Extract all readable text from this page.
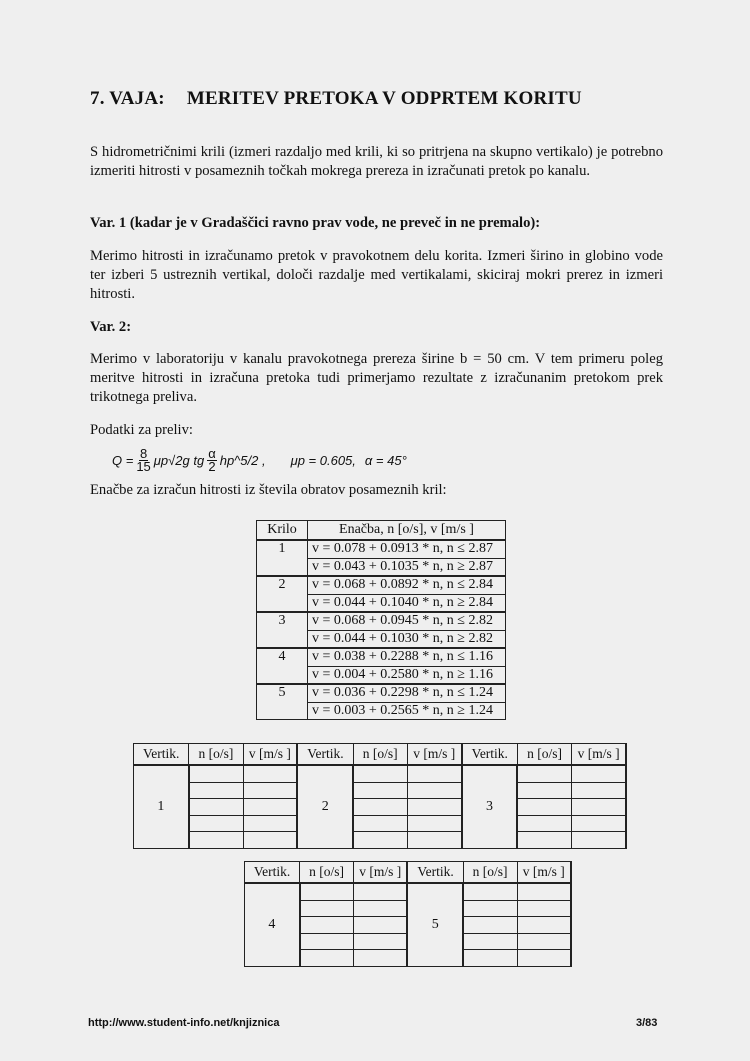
7. VAJA: MERITEV PRETOKA V ODPRTEM KORITU

S hidrometričnimi krili (izmeri razdaljo med krili, ki so pritrjena na skupno vertikalo) je potrebno izmeriti hitrosti v posameznih točkah mokrega prereza in izračunati pretok po kanalu.

Var. 1 (kadar je v Gradaščici ravno prav vode, ne preveč in ne premalo):

Merimo hitrosti in izračunamo pretok v pravokotnem delu korita. Izmeri širino in globino vode ter izberi 5 ustreznih vertikal, določi razdalje med vertikalami, skiciraj mokri prerez in izmeri hitrosti.

Var. 2:

Merimo v laboratoriju v kanalu pravokotnega prereza širine b = 50 cm. V tem primeru poleg meritve hitrosti in izračuna pretoka tudi primerjamo rezultate z izračunanim pretokom prek trikotnega preliva.

Podatki za preliv:

$Q = \frac{8}{15} \mu p√2g$ tg $\frac{\alpha}{2}$ hp^5/2 , μp = 0.605, α = 45°

Enačbe za izračun hitrosti iz števila obratov posameznih kril:

Krilo	Enačba, n [o/s], v [m/s ]
1	v = 0.078 + 0.0913 * n, n ≤ 2.87
	v = 0.043 + 0.1035 * n, n ≥ 2.87
2	v = 0.068 + 0.0892 * n, n ≤ 2.84
	v = 0.044 + 0.1040 * n, n ≥ 2.84
3	v = 0.068 + 0.0945 * n, n ≤ 2.82
	v = 0.044 + 0.1030 * n, n ≥ 2.82
4	v = 0.038 + 0.2288 * n, n ≤ 1.16
	v = 0.004 + 0.2580 * n, n ≥ 1.16
5	v = 0.036 + 0.2298 * n, n ≤ 1.24
	v = 0.003 + 0.2565 * n, n ≥ 1.24
Vertik.	n [o/s]	v [m/s ]	Vertik.	n [o/s]	v [m/s ]	Vertik.	n [o/s]	v [m/s ]
1			2			3		

Vertik.	n [o/s]	v [m/s ]	Vertik.	n [o/s]	v [m/s ]
4			5		

http://www.student-info.net/knjiznica	3/83
